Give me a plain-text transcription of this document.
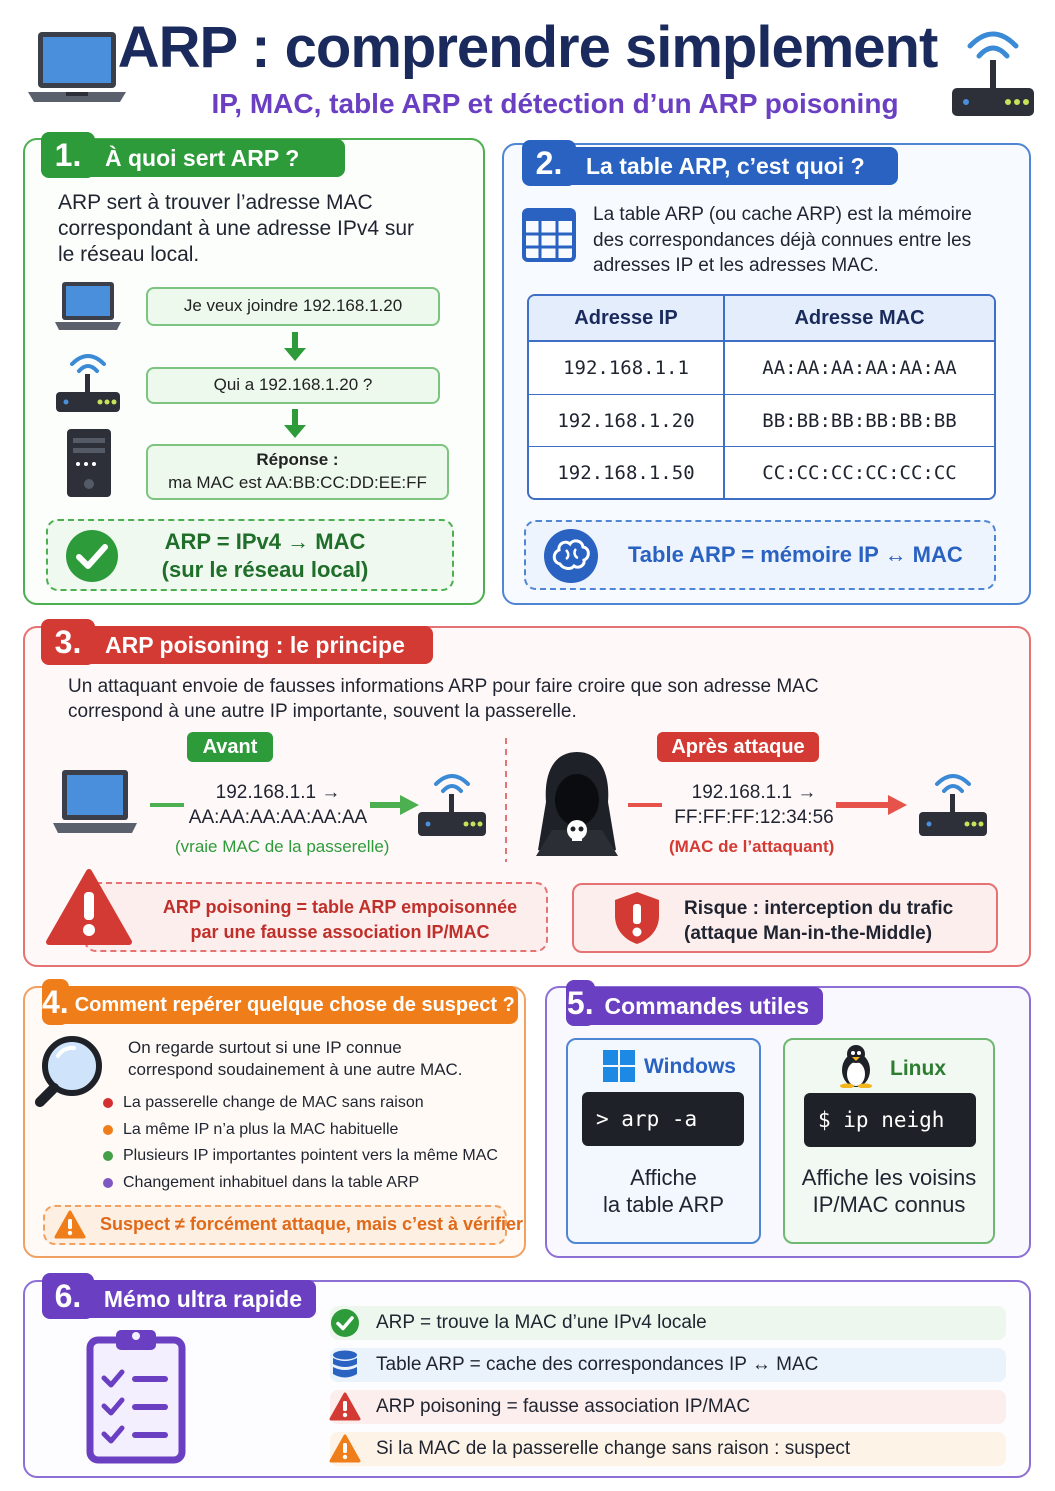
ARP : comprendre simplement
IP, MAC, table ARP et détection d’un ARP poisoning
1.	À quoi sert ARP ?
ARP sert à trouver l’adresse MAC correspondant à une adresse IPv4 sur le réseau local.
Je veux joindre 192.168.1.20
Qui a 192.168.1.20 ?
Réponse :
ma MAC est AA:BB:CC:DD:EE:FF
ARP = IPv4 → MAC
(sur le réseau local)
2.	La table ARP, c’est quoi ?
La table ARP (ou cache ARP) est la mémoire des correspondances déjà connues entre les adresses IP et les adresses MAC.
Adresse IP	Adresse MAC
192.168.1.1	AA:AA:AA:AA:AA:AA
192.168.1.20	BB:BB:BB:BB:BB:BB
192.168.1.50	CC:CC:CC:CC:CC:CC
Table ARP = mémoire IP ↔ MAC
3.	ARP poisoning : le principe
Un attaquant envoie de fausses informations ARP pour faire croire que son adresse MAC
correspond à une autre IP importante, souvent la passerelle.
Avant
192.168.1.1 →
AA:AA:AA:AA:AA:AA
(vraie MAC de la passerelle)
Après attaque
192.168.1.1 →
FF:FF:FF:12:34:56
(MAC de l’attaquant)
ARP poisoning = table ARP empoisonnée
par une fausse association IP/MAC
Risque : interception du trafic
(attaque Man-in-the-Middle)
4. Comment repérer quelque chose de suspect ?
On regarde surtout si une IP connue
correspond soudainement à une autre MAC.
La passerelle change de MAC sans raison
La même IP n’a plus la MAC habituelle
Plusieurs IP importantes pointent vers la même MAC
Changement inhabituel dans la table ARP
Suspect ≠ forcément attaque, mais c’est à vérifier
5. Commandes utiles
Windows
> arp -a
Affiche
la table ARP
Linux
$ ip neigh
Affiche les voisins
IP/MAC connus
6. Mémo ultra rapide
ARP = trouve la MAC d’une IPv4 locale
Table ARP = cache des correspondances IP ↔ MAC
ARP poisoning = fausse association IP/MAC
Si la MAC de la passerelle change sans raison : suspect
